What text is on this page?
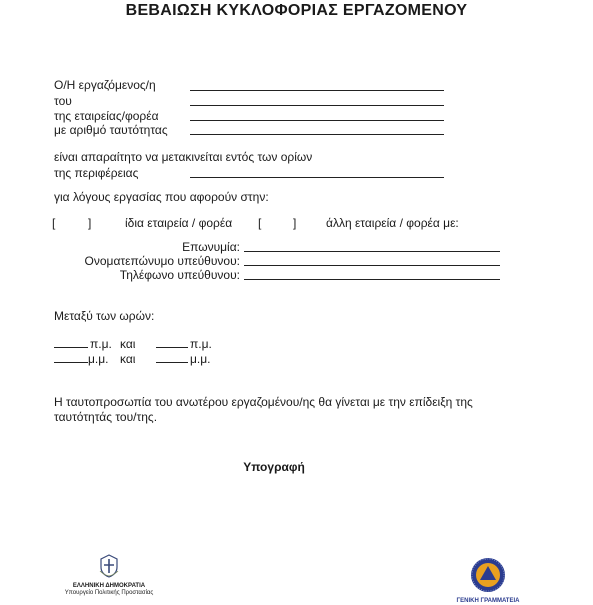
ΒΕΒΑΙΩΣΗ ΚΥΚΛΟΦΟΡΙΑΣ ΕΡΓΑΖΟΜΕΝΟΥ
Ο/Η εργαζόμενος/η
του
της εταιρείας/φορέα
με αριθμό ταυτότητας
είναι απαραίτητο να μετακινείται εντός των ορίων
της περιφέρειας
για λόγους εργασίας που αφορούν στην:
[	]	ίδια εταιρεία / φορέα [	] άλλη εταιρεία / φορέα με:
Επωνυμία:
Ονοματεπώνυμο υπεύθυνου:
Τηλέφωνο υπεύθυνου:
Μεταξύ των ωρών:
π.μ. και	π.μ.
μ.μ. και	μ.μ.
Η ταυτοπροσωπία του ανωτέρου εργαζομένου/ης θα γίνεται με την επίδειξη της
ταυτότητάς του/της.
Υπογραφή
ΕΛΛΗΝΙΚΗ ΔΗΜΟΚΡΑΤΙΑ
Υπουργείο Πολιτικής Προστασίας
ΓΕΝΙΚΗ ΓΡΑΜΜΑΤΕΙΑ
